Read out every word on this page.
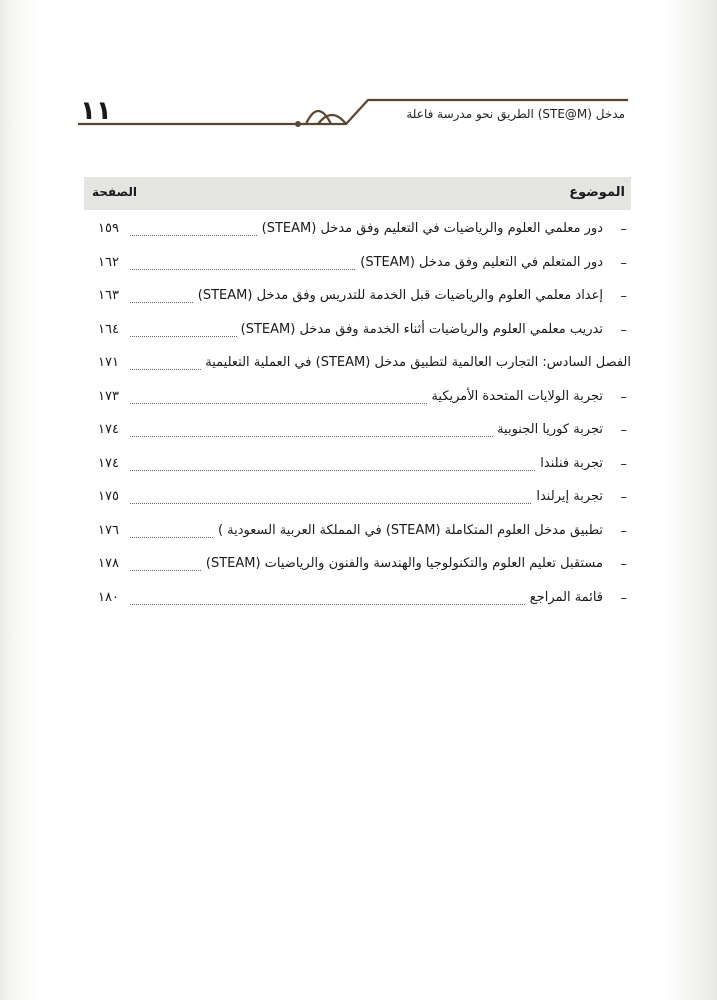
١١	مدخل (STE@M) الطريق نحو مدرسة فاعلة
الموضوع
الصفحة
–
دور معلمي العلوم والرياضيات في التعليم وفق مدخل (STEAM)
١٥٩
–
دور المتعلم في التعليم وفق مدخل (STEAM)
١٦٢
–
إعداد معلمي العلوم والرياضيات قبل الخدمة للتدريس وفق مدخل (STEAM)
١٦٣
–
تدريب معلمي العلوم والرياضيات أثناء الخدمة وفق مدخل (STEAM)
١٦٤
الفصل السادس: التجارب العالمية لتطبيق مدخل (STEAM) في العملية التعليمية
١٧١
–
تجربة الولايات المتحدة الأمريكية
١٧٣
–
تجربة كوريا الجنوبية
١٧٤
–
تجربة فنلندا
١٧٤
–
تجربة إيرلندا
١٧٥
–
تطبيق مدخل العلوم المتكاملة (STEAM) في المملكة العربية السعودية )
١٧٦
–
مستقبل تعليم العلوم والتكنولوجيا والهندسة والفنون والرياضيات (STEAM)
١٧٨
–
قائمة المراجع
١٨٠
